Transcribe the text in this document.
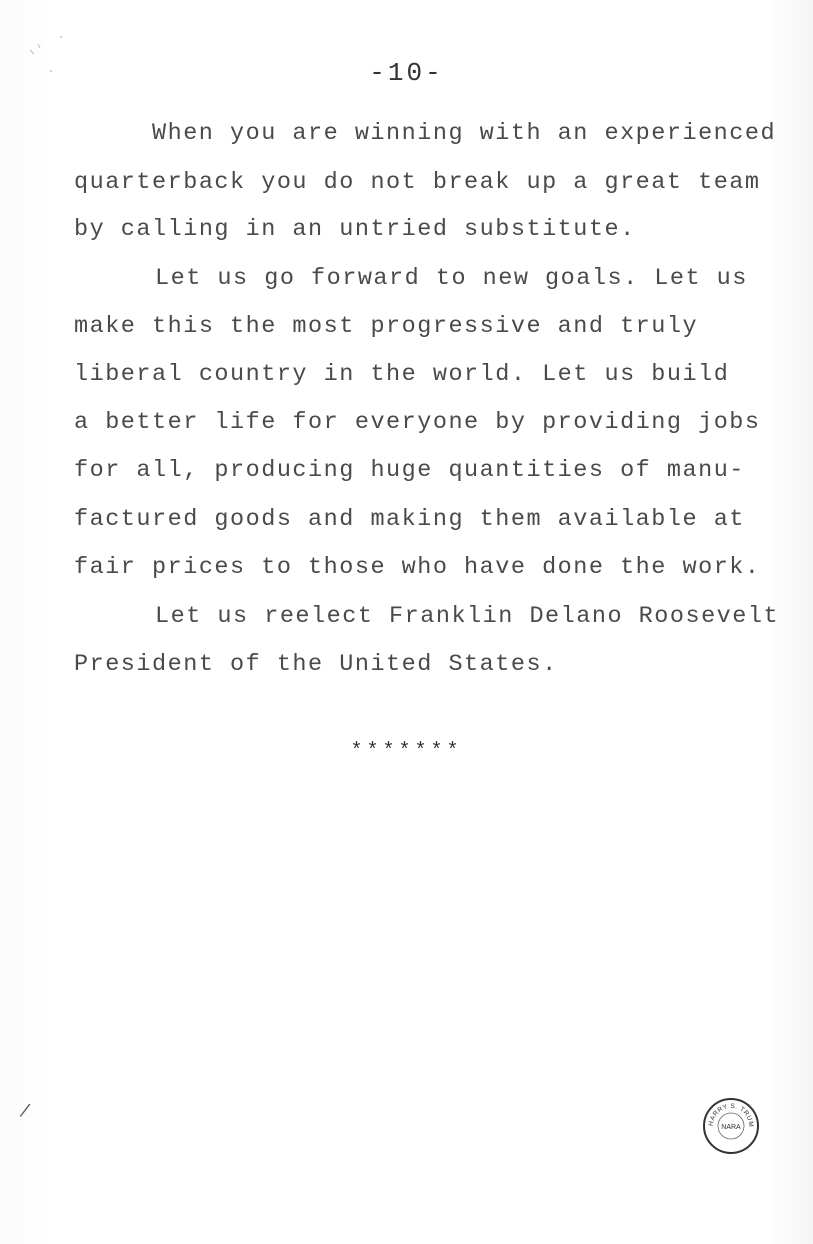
-10-
When you are winning with an experienced
quarterback you do not break up a great team
by calling in an untried substitute.
Let us go forward to new goals. Let us
make this the most progressive and truly
liberal country in the world. Let us build
a better life for everyone by providing jobs
for all, producing huge quantities of manu-
factured goods and making them available at
fair prices to those who have done the work.
Let us reelect Franklin Delano Roosevelt
President of the United States.
*******
/
HARRY S. TRUM
NARA
